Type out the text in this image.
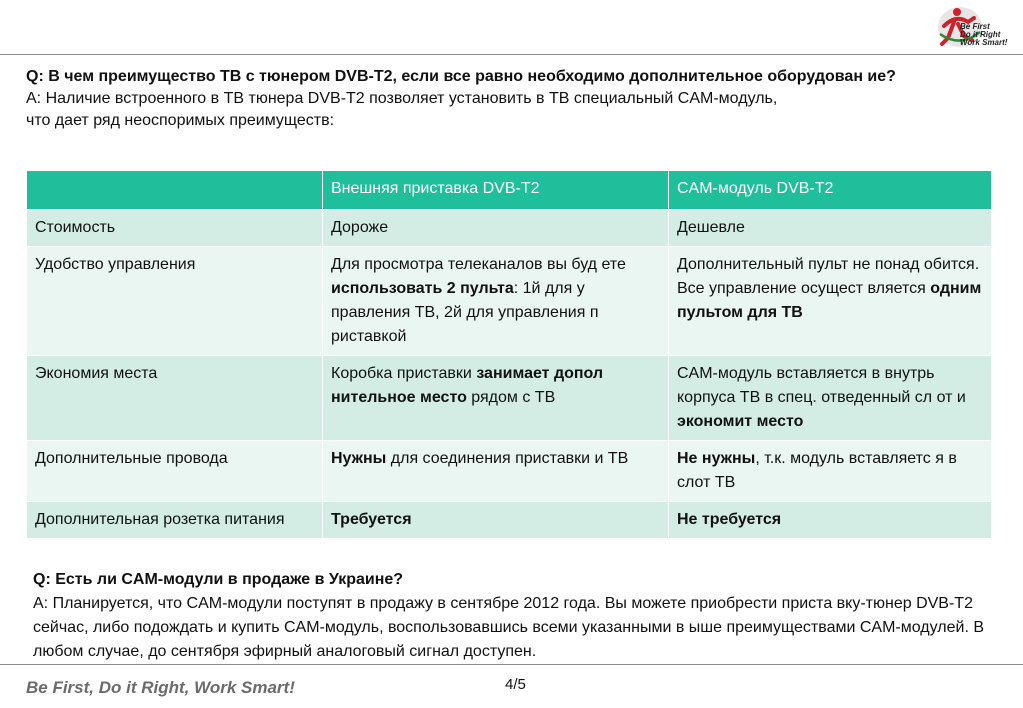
Be First
Do it Right
Work Smart!
Q: В чем преимущество ТВ с тюнером DVB-T2, если все равно необходимо дополнительное оборудован ие?
А: Наличие встроенного в ТВ тюнера DVB-T2 позволяет установить в ТВ специальный CAM-модуль,
что дает ряд неоспоримых преимуществ:
	Внешняя приставка DVB-T2	CAM-модуль DVB-T2
Стоимость	Дороже	Дешевле
Удобство управления	Для просмотра телеканалов вы буд ете использовать 2 пульта: 1й для у правления ТВ, 2й для управления п риставкой	Дополнительный пульт не понад обится. Все управление осущест вляется одним пультом для ТВ
Экономия места	Коробка приставки занимает допол нительное место рядом с ТВ	CAM-модуль вставляется в внутрь корпуса ТВ в спец. отведенный сл от и экономит место
Дополнительные провода	Нужны для соединения приставки и ТВ	Не нужны, т.к. модуль вставляетс я в слот ТВ
Дополнительная розетка питания	Требуется	Не требуется
Q: Есть ли CAM-модули в продаже в Украине?
А: Планируется, что CAM-модули поступят в продажу в сентябре 2012 года. Вы можете приобрести приста вку-тюнер DVB-T2 сейчас, либо подождать и купить CAM-модуль, воспользовавшись всеми указанными в ыше преимуществами CAM-модулей. В любом случае, до сентября эфирный аналоговый сигнал доступен.
Be First, Do it Right, Work Smart!	4/5
